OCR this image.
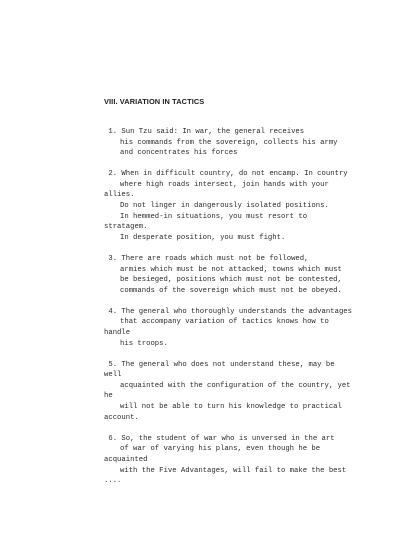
VIII. VARIATION IN TACTICS
1. Sun Tzu said: In war, the general receives
his commands from the sovereign, collects his army
and concentrates his forces
2. When in difficult country, do not encamp. In country
where high roads intersect, join hands with your
allies.
Do not linger in dangerously isolated positions.
In hemmed-in situations, you must resort to
stratagem.
In desperate position, you must fight.
3. There are roads which must not be followed,
armies which must be not attacked, towns which must
be besieged, positions which must not be contested,
commands of the sovereign which must not be obeyed.
4. The general who thoroughly understands the advantages
that accompany variation of tactics knows how to
handle
his troops.
5. The general who does not understand these, may be
well
acquainted with the configuration of the country, yet
he
will not be able to turn his knowledge to practical
account.
6. So, the student of war who is unversed in the art
of war of varying his plans, even though he be
acquainted
with the Five Advantages, will fail to make the best
....
